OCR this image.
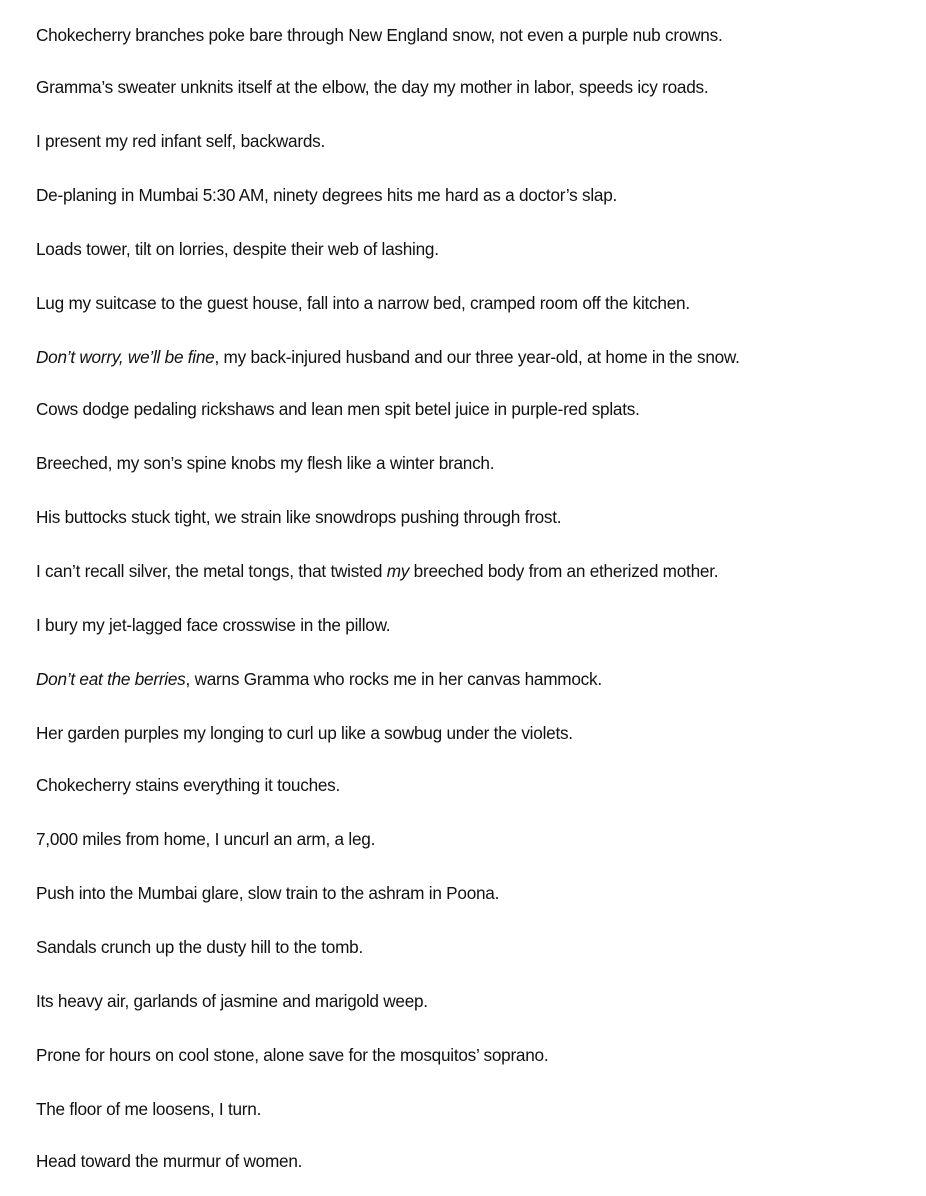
Chokecherry branches poke bare through New England snow, not even a purple nub crowns.

Gramma’s sweater unknits itself at the elbow, the day my mother in labor, speeds icy roads.

I present my red infant self, backwards.

De-planing in Mumbai 5:30 AM, ninety degrees hits me hard as a doctor’s slap.

Loads tower, tilt on lorries, despite their web of lashing.

Lug my suitcase to the guest house, fall into a narrow bed, cramped room off the kitchen.

Don’t worry, we’ll be fine, my back-injured husband and our three year-old, at home in the snow.

Cows dodge pedaling rickshaws and lean men spit betel juice in purple-red splats.

Breeched, my son’s spine knobs my flesh like a winter branch.

His buttocks stuck tight, we strain like snowdrops pushing through frost.

I can’t recall silver, the metal tongs, that twisted my breeched body from an etherized mother.

I bury my jet-lagged face crosswise in the pillow.

Don’t eat the berries, warns Gramma who rocks me in her canvas hammock.

Her garden purples my longing to curl up like a sowbug under the violets.

Chokecherry stains everything it touches.

7,000 miles from home, I uncurl an arm, a leg.

Push into the Mumbai glare, slow train to the ashram in Poona.

Sandals crunch up the dusty hill to the tomb.

Its heavy air, garlands of jasmine and marigold weep.

Prone for hours on cool stone, alone save for the mosquitos’ soprano.

The floor of me loosens, I turn.

Head toward the murmur of women.
